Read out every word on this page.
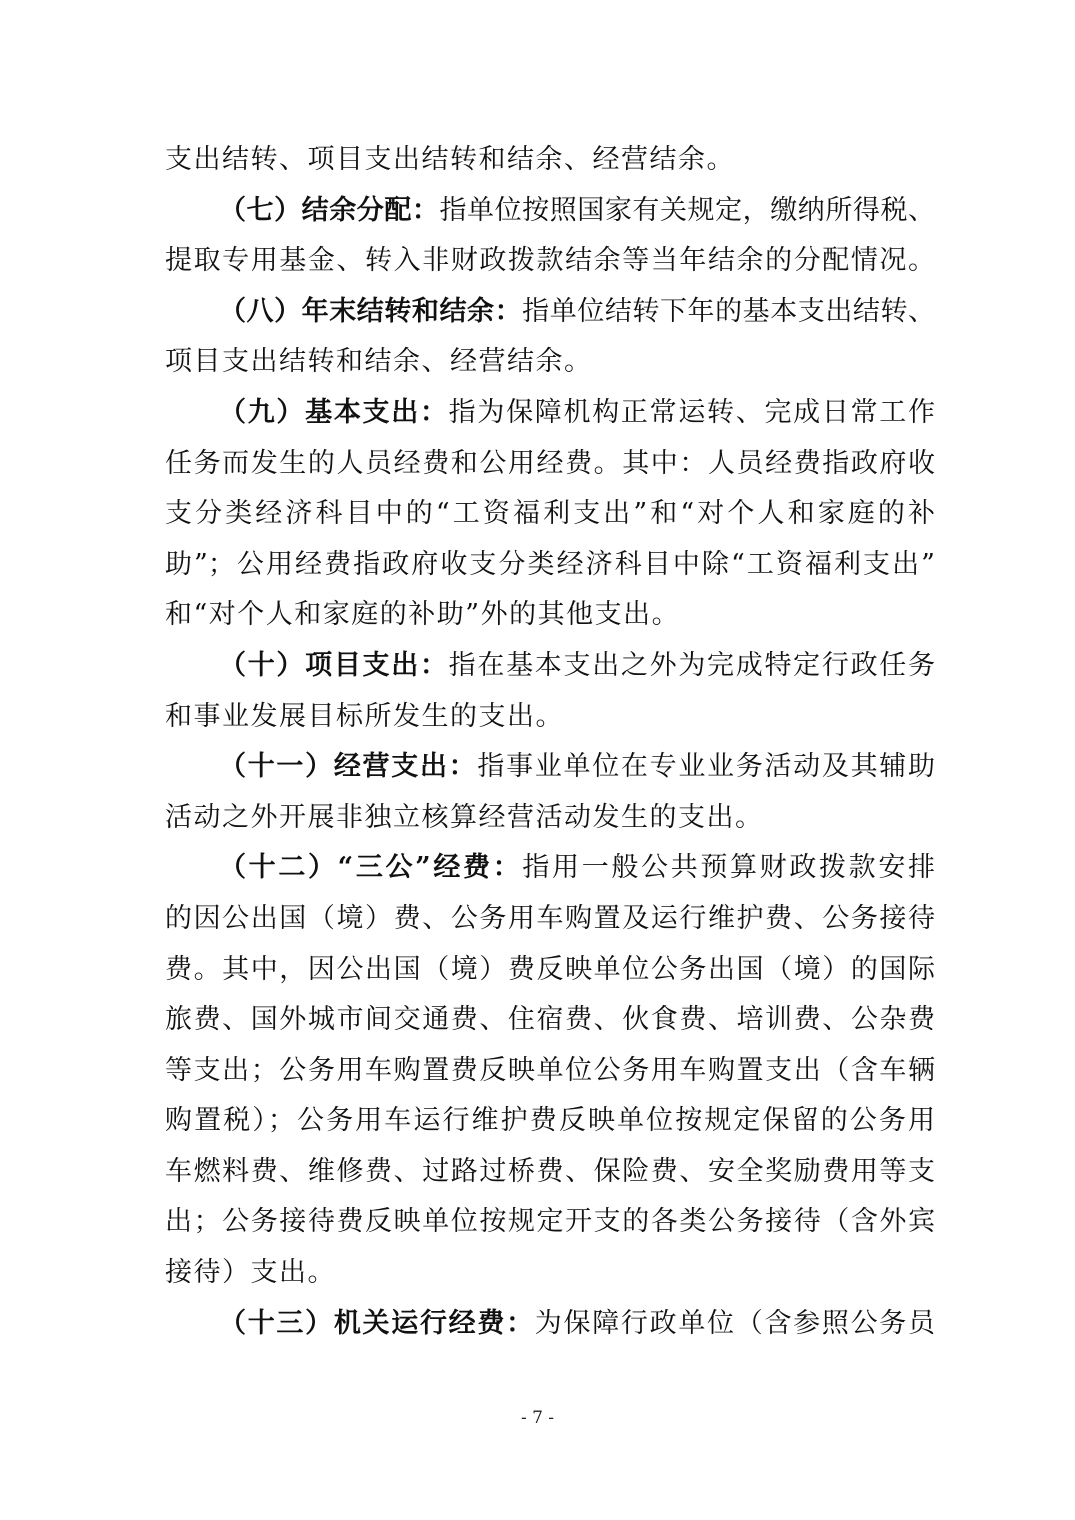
支出结转、项目支出结转和结余、经营结余。
（七）结余分配：指单位按照国家有关规定，缴纳所得税、
提取专用基金、转入非财政拨款结余等当年结余的分配情况。
（八）年末结转和结余：指单位结转下年的基本支出结转、
项目支出结转和结余、经营结余。
（九）基本支出：指为保障机构正常运转、完成日常工作
任务而发生的人员经费和公用经费。其中：人员经费指政府收
支分类经济科目中的“工资福利支出”和“对个人和家庭的补
助”；公用经费指政府收支分类经济科目中除“工资福利支出”
和“对个人和家庭的补助”外的其他支出。
（十）项目支出：指在基本支出之外为完成特定行政任务
和事业发展目标所发生的支出。
（十一）经营支出：指事业单位在专业业务活动及其辅助
活动之外开展非独立核算经营活动发生的支出。
（十二）“三公”经费：指用一般公共预算财政拨款安排
的因公出国（境）费、公务用车购置及运行维护费、公务接待
费。其中，因公出国（境）费反映单位公务出国（境）的国际
旅费、国外城市间交通费、住宿费、伙食费、培训费、公杂费
等支出；公务用车购置费反映单位公务用车购置支出（含车辆
购置税）；公务用车运行维护费反映单位按规定保留的公务用
车燃料费、维修费、过路过桥费、保险费、安全奖励费用等支
出；公务接待费反映单位按规定开支的各类公务接待（含外宾
接待）支出。
（十三）机关运行经费：为保障行政单位（含参照公务员
- 7 -
